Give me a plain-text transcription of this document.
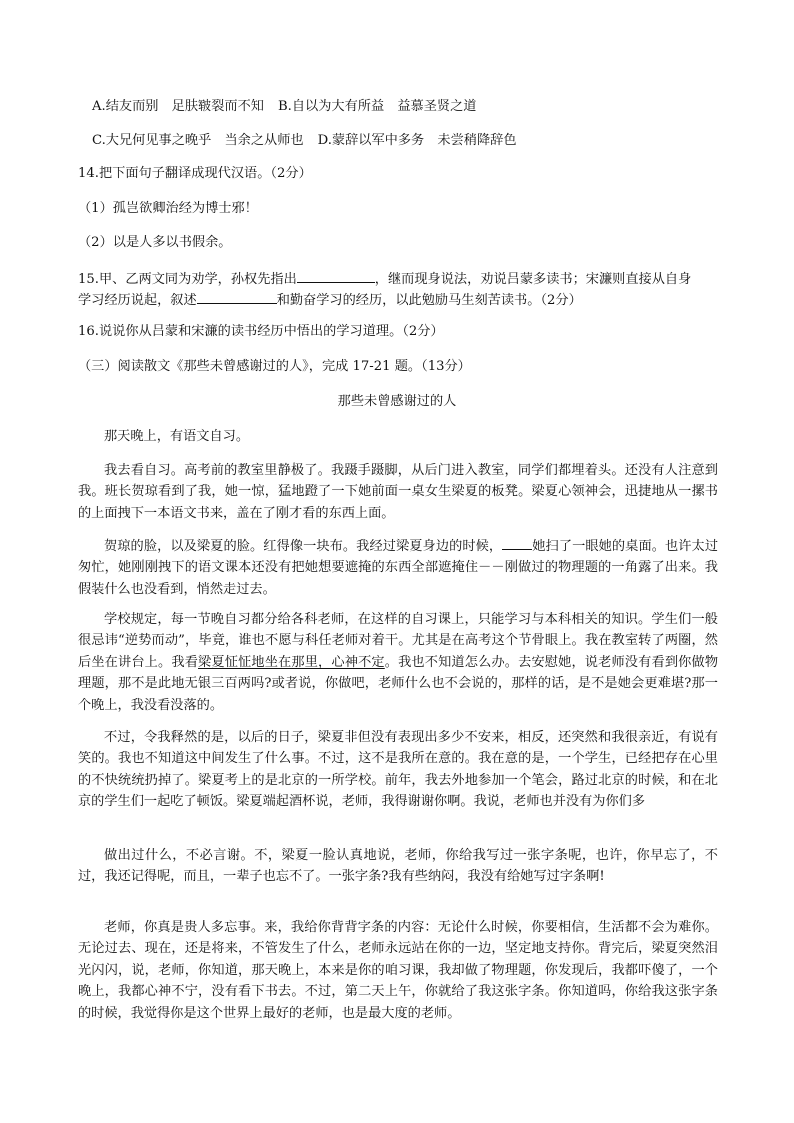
A.结友而别　足肤皲裂而不知 B.自以为大有所益　益慕圣贤之道
C.大兄何见事之晚乎　当余之从师也 D.蒙辞以军中多务　未尝稍降辞色
14.把下面句子翻译成现代汉语。（2分）
（1）孤岂欲卿治经为博士邪！
（2）以是人多以书假余。
15.甲、乙两文同为劝学，孙权先指出	，继而现身说法，劝说吕蒙多读书；宋濂则直接从自身
学习经历说起，叙述	和勤奋学习的经历，以此勉励马生刻苦读书。（2分）
16.说说你从吕蒙和宋濂的读书经历中悟出的学习道理。（2分）
（三）阅读散文《那些未曾感谢过的人》，完成 17-21 题。（13分）
那些未曾感谢过的人
那天晚上，有语文自习。
我去看自习。高考前的教室里静极了。我蹑手蹑脚，从后门进入教室，同学们都埋着头。还没有人注意到我。班长贺琼看到了我，她一惊，猛地蹬了一下她前面一桌女生梁夏的板凳。梁夏心领神会，迅捷地从一摞书的上面拽下一本语文书来，盖在了刚才看的东西上面。
贺琼的脸，以及梁夏的脸。红得像一块布。我经过梁夏身边的时候， 她扫了一眼她的桌面。也许太过匆忙，她刚刚拽下的语文课本还没有把她想要遮掩的东西全部遮掩住－－刚做过的物理题的一角露了出来。我假装什么也没看到，悄然走过去。
学校规定，每一节晚自习都分给各科老师，在这样的自习课上，只能学习与本科相关的知识。学生们一般很忌讳“逆势而动”，毕竟，谁也不愿与科任老师对着干。尤其是在高考这个节骨眼上。我在教室转了两圈，然后坐在讲台上。我看梁夏怔怔地坐在那里，心神不定。我也不知道怎么办。去安慰她，说老师没有看到你做物理题，那不是此地无银三百两吗?或者说，你做吧，老师什么也不会说的，那样的话，是不是她会更难堪?那一个晚上，我没看没落的。
不过，令我释然的是，以后的日子，梁夏非但没有表现出多少不安来，相反，还突然和我很亲近，有说有笑的。我也不知道这中间发生了什么事。不过，这不是我所在意的。我在意的是，一个学生，已经把存在心里的不快统统扔掉了。梁夏考上的是北京的一所学校。前年，我去外地参加一个笔会，路过北京的时候，和在北京的学生们一起吃了顿饭。梁夏端起酒杯说，老师，我得谢谢你啊。我说，老师也并没有为你们多
做出过什么，不必言谢。不，梁夏一脸认真地说，老师，你给我写过一张字条呢，也许，你早忘了，不过，我还记得呢，而且，一辈子也忘不了。一张字条?我有些纳闷，我没有给她写过字条啊!
老师，你真是贵人多忘事。来，我给你背背字条的内容：无论什么时候，你要相信，生活都不会为难你。无论过去、现在，还是将来，不管发生了什么，老师永远站在你的一边，坚定地支持你。背完后，梁夏突然泪光闪闪，说，老师，你知道，那天晚上，本来是你的咱习课，我却做了物理题，你发现后，我都吓傻了，一个晚上，我都心神不宁，没有看下书去。不过，第二天上午，你就给了我这张字条。你知道吗，你给我这张字条的时候，我觉得你是这个世界上最好的老师，也是最大度的老师。
